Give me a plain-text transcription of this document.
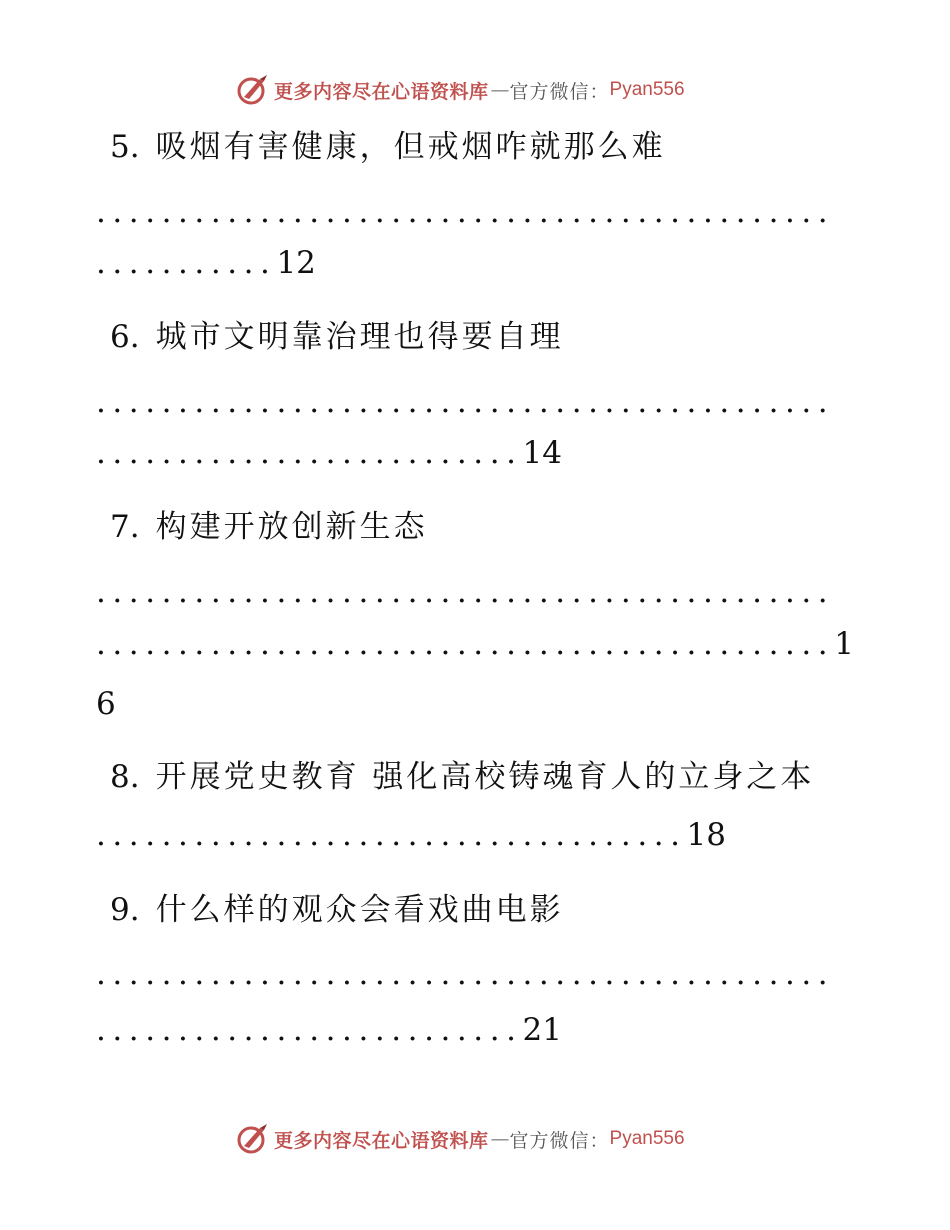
更多内容尽在心语资料库 — 官方微信： Pyan556

5. 吸烟有害健康，但戒烟咋就那么难

.............................................

...........12

6. 城市文明靠治理也得要自理

.............................................

..........................14

7. 构建开放创新生态

.............................................

.............................................1

6

8. 开展党史教育 强化高校铸魂育人的立身之本

....................................18

9. 什么样的观众会看戏曲电影

.............................................

..........................21

更多内容尽在心语资料库 — 官方微信： Pyan556
